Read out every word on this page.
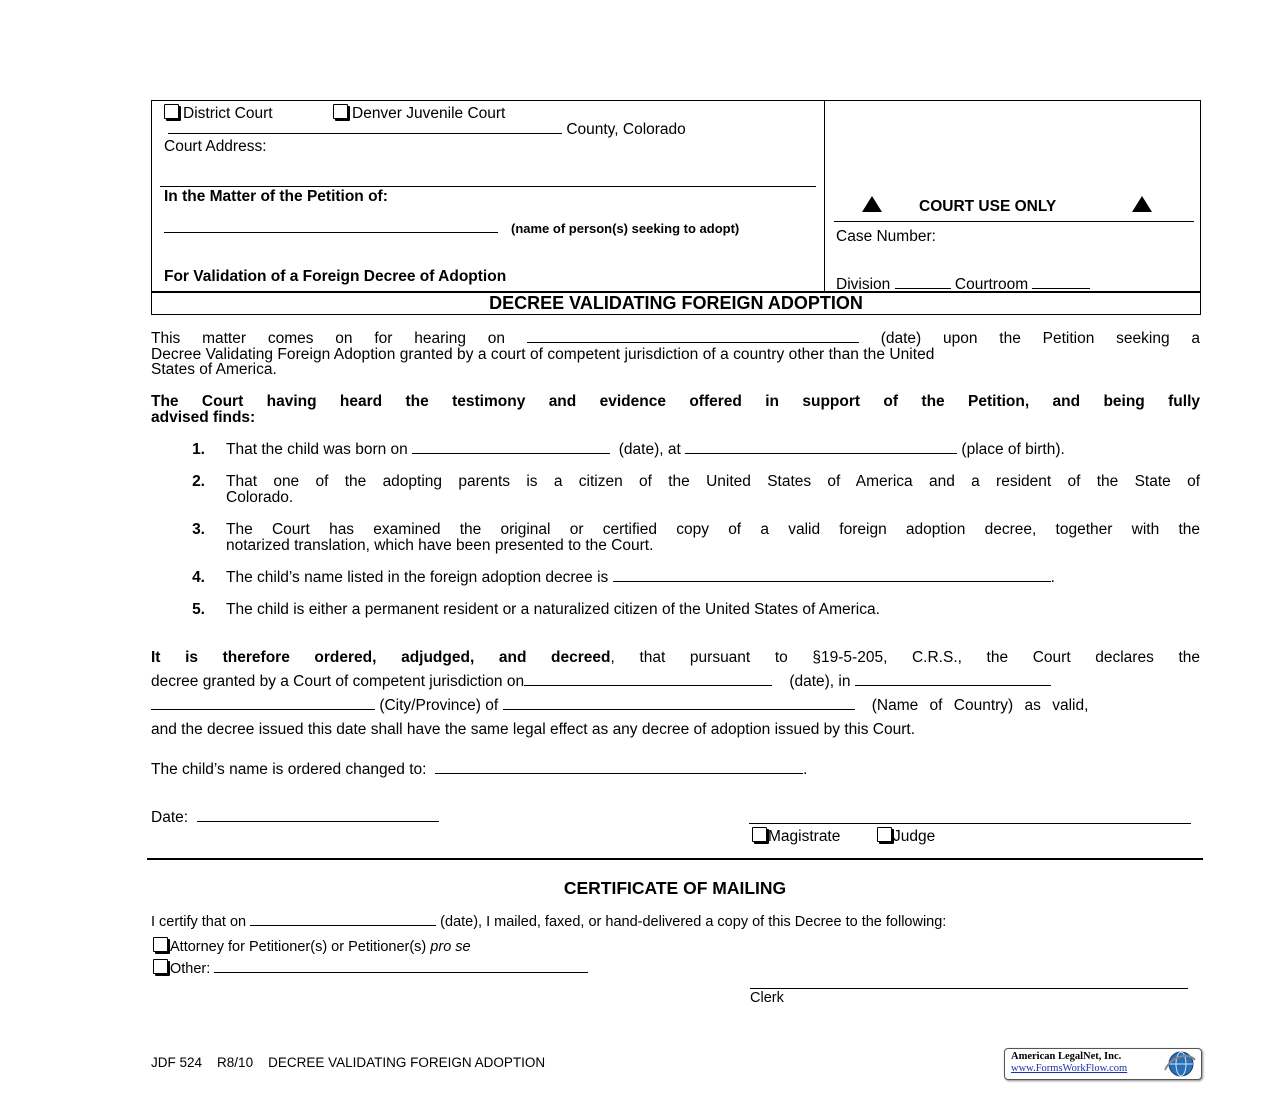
District Court	Denver Juvenile Court
County, Colorado
Court Address:
In the Matter of the Petition of:
(name of person(s) seeking to adopt)
For Validation of a Foreign Decree of Adoption
COURT USE ONLY
Case Number:
Division	Courtroom
DECREE VALIDATING FOREIGN ADOPTION
This matter comes on for hearing on	(date) upon the Petition seeking a
Decree Validating Foreign Adoption granted by a court of competent jurisdiction of a country other than the United
States of America.
The Court having heard the testimony and evidence offered in support of the Petition, and being fully
advised finds:
1. That the child was born on	(date), at	(place of birth).
2. That one of the adopting parents is a citizen of the United States of America and a resident of the State of
Colorado.
3. The Court has examined the original or certified copy of a valid foreign adoption decree, together with the
notarized translation, which have been presented to the Court.
4. The child’s name listed in the foreign adoption decree is	.
5. The child is either a permanent resident or a naturalized citizen of the United States of America.
It is therefore ordered, adjudged, and decreed, that pursuant to §19-5-205, C.R.S., the Court declares the
decree granted by a Court of competent jurisdiction on	(date), in
(City/Province) of	(Name of Country) as valid,
and the decree issued this date shall have the same legal effect as any decree of adoption issued by this Court.
The child’s name is ordered changed to:	.
Date:
Magistrate	Judge
CERTIFICATE OF MAILING
I certify that on	(date), I mailed, faxed, or hand-delivered a copy of this Decree to the following:
Attorney for Petitioner(s) or Petitioner(s) pro se
Other:
Clerk
JDF 524 R8/10 DECREE VALIDATING FOREIGN ADOPTION	American LegalNet, Inc.
www.FormsWorkFlow.com
